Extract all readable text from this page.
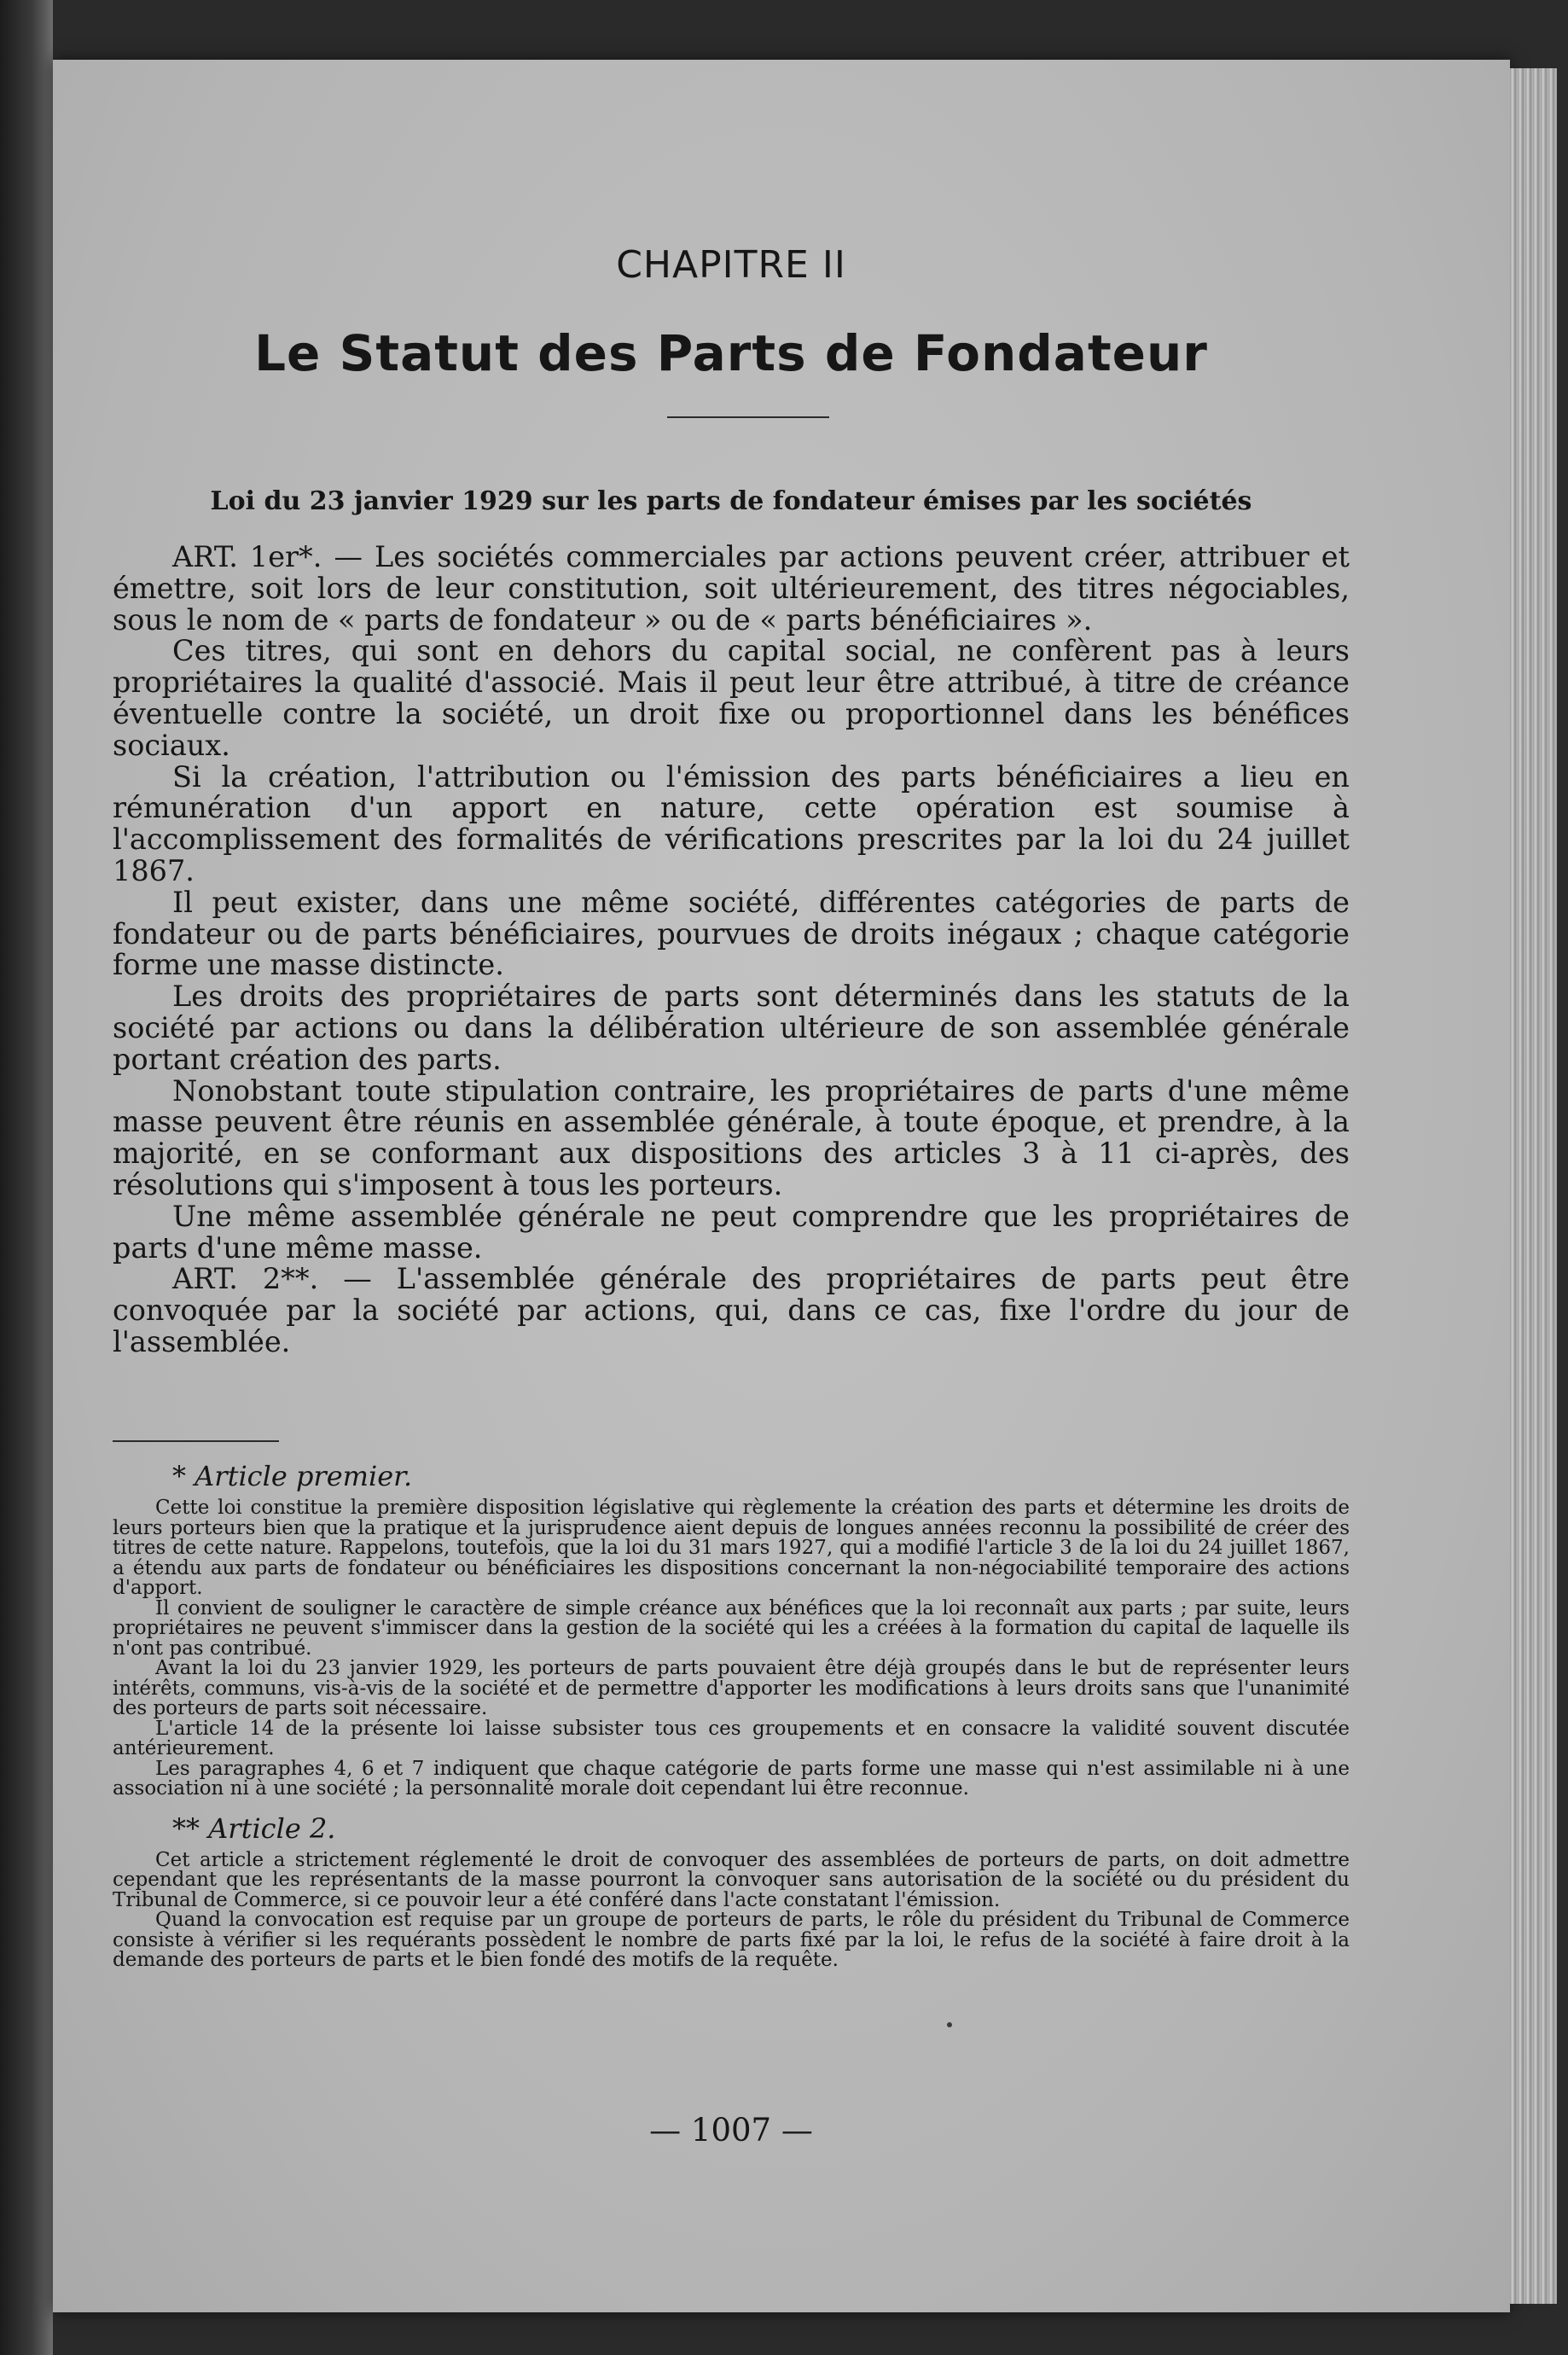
CHAPITRE II
Le Statut des Parts de Fondateur
Loi du 23 janvier 1929 sur les parts de fondateur émises par les sociétés

ART. 1er*. — Les sociétés commerciales par actions peuvent créer, attribuer et émettre, soit lors de leur constitution, soit ultérieurement, des titres négociables, sous le nom de « parts de fondateur » ou de « parts bénéficiaires ».

Ces titres, qui sont en dehors du capital social, ne confèrent pas à leurs propriétaires la qualité d'associé. Mais il peut leur être attribué, à titre de créance éventuelle contre la société, un droit fixe ou proportionnel dans les bénéfices sociaux.

Si la création, l'attribution ou l'émission des parts bénéficiaires a lieu en rémunération d'un apport en nature, cette opération est soumise à l'accomplissement des formalités de vérifications prescrites par la loi du 24 juillet 1867.

Il peut exister, dans une même société, différentes catégories de parts de fondateur ou de parts bénéficiaires, pourvues de droits inégaux ; chaque catégorie forme une masse distincte.

Les droits des propriétaires de parts sont déterminés dans les statuts de la société par actions ou dans la délibération ultérieure de son assemblée générale portant création des parts.

Nonobstant toute stipulation contraire, les propriétaires de parts d'une même masse peuvent être réunis en assemblée générale, à toute époque, et prendre, à la majorité, en se conformant aux dispositions des articles 3 à 11 ci-après, des résolutions qui s'imposent à tous les porteurs.

Une même assemblée générale ne peut comprendre que les propriétaires de parts d'une même masse.

ART. 2**. — L'assemblée générale des propriétaires de parts peut être convoquée par la société par actions, qui, dans ce cas, fixe l'ordre du jour de l'assemblée.

* Article premier.

Cette loi constitue la première disposition législative qui règlemente la création des parts et détermine les droits de leurs porteurs bien que la pratique et la jurisprudence aient depuis de longues années reconnu la possibilité de créer des titres de cette nature. Rappelons, toutefois, que la loi du 31 mars 1927, qui a modifié l'article 3 de la loi du 24 juillet 1867, a étendu aux parts de fondateur ou bénéficiaires les dispositions concernant la non-négociabilité temporaire des actions d'apport.

Il convient de souligner le caractère de simple créance aux bénéfices que la loi reconnaît aux parts ; par suite, leurs propriétaires ne peuvent s'immiscer dans la gestion de la société qui les a créées à la formation du capital de laquelle ils n'ont pas contribué.

Avant la loi du 23 janvier 1929, les porteurs de parts pouvaient être déjà groupés dans le but de représenter leurs intérêts, communs, vis-à-vis de la société et de permettre d'apporter les modifications à leurs droits sans que l'unanimité des porteurs de parts soit nécessaire.

L'article 14 de la présente loi laisse subsister tous ces groupements et en consacre la validité souvent discutée antérieurement.

Les paragraphes 4, 6 et 7 indiquent que chaque catégorie de parts forme une masse qui n'est assimilable ni à une association ni à une société ; la personnalité morale doit cependant lui être reconnue.

** Article 2.

Cet article a strictement réglementé le droit de convoquer des assemblées de porteurs de parts, on doit admettre cependant que les représentants de la masse pourront la convoquer sans autorisation de la société ou du président du Tribunal de Commerce, si ce pouvoir leur a été conféré dans l'acte constatant l'émission.

Quand la convocation est requise par un groupe de porteurs de parts, le rôle du président du Tribunal de Commerce consiste à vérifier si les requérants possèdent le nombre de parts fixé par la loi, le refus de la société à faire droit à la demande des porteurs de parts et le bien fondé des motifs de la requête.

— 1007 —
